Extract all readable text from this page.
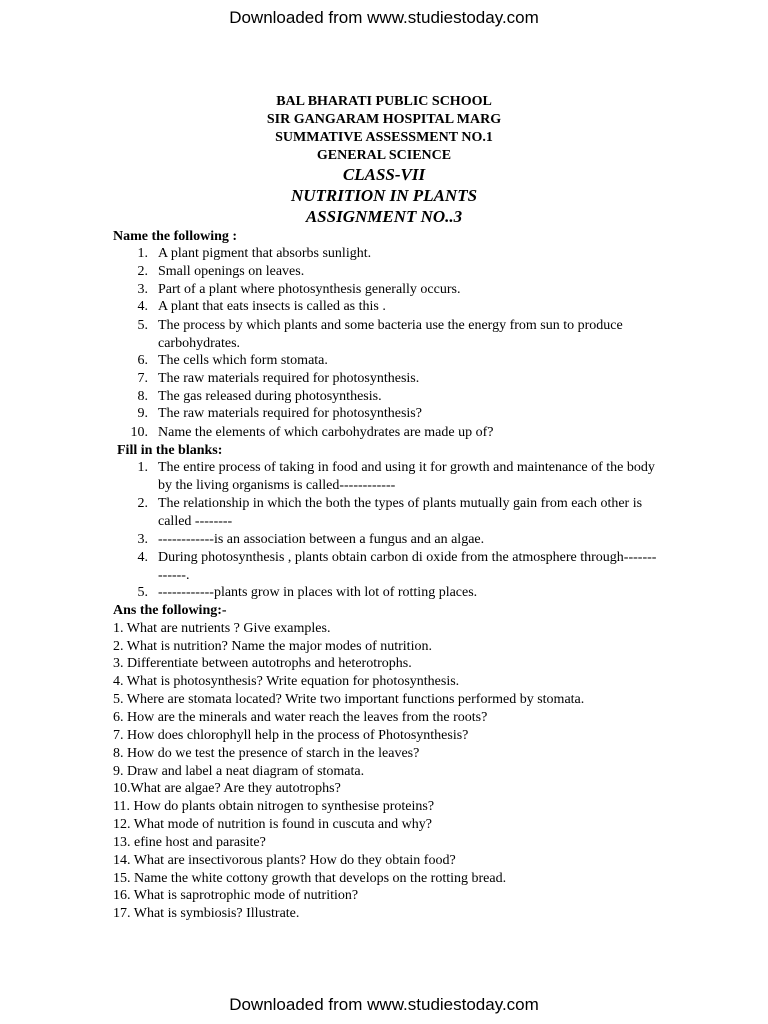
Downloaded from www.studiestoday.com
BAL BHARATI PUBLIC SCHOOL
SIR GANGARAM HOSPITAL MARG
SUMMATIVE ASSESSMENT NO.1
GENERAL SCIENCE
CLASS-VII
NUTRITION IN PLANTS
ASSIGNMENT NO..3
Name the following :
1. A plant pigment that absorbs sunlight.
2. Small openings on leaves.
3. Part of a plant where photosynthesis generally occurs.
4. A plant that eats insects is called as this .
5. The process by which plants and some bacteria use the energy from sun to produce carbohydrates.
6. The cells which form stomata.
7. The raw materials required for photosynthesis.
8. The gas released during photosynthesis.
9. The raw materials required for photosynthesis?
10. Name the elements of which carbohydrates are made up of?
Fill in the blanks:
1. The entire process of taking in food and using it for growth and maintenance of the body by the living organisms is called------------
2. The relationship in which the both the types of plants mutually gain from each other is called --------
3. ------------is an association between a fungus and an algae.
4. During photosynthesis , plants obtain carbon di oxide from the atmosphere through-------------.
5. ------------plants grow in places with lot of rotting places.
Ans the following:-
1. What are nutrients ? Give examples.
2. What is nutrition? Name the major modes of nutrition.
3. Differentiate between autotrophs and heterotrophs.
4. What is photosynthesis? Write equation for photosynthesis.
5. Where are stomata located? Write two important functions performed by stomata.
6. How are the minerals and water reach the leaves from the roots?
7. How does chlorophyll help in the process of Photosynthesis?
8. How do we test the presence of starch in the leaves?
9. Draw and label a neat diagram of stomata.
10.What are algae? Are they autotrophs?
11. How do plants obtain nitrogen to synthesise proteins?
12. What mode of nutrition is found in cuscuta and why?
13. efine host and parasite?
14. What are insectivorous plants? How do they obtain food?
15. Name the white cottony growth that develops on the rotting bread.
16. What is saprotrophic mode of nutrition?
17. What is symbiosis? Illustrate.
Downloaded from www.studiestoday.com
